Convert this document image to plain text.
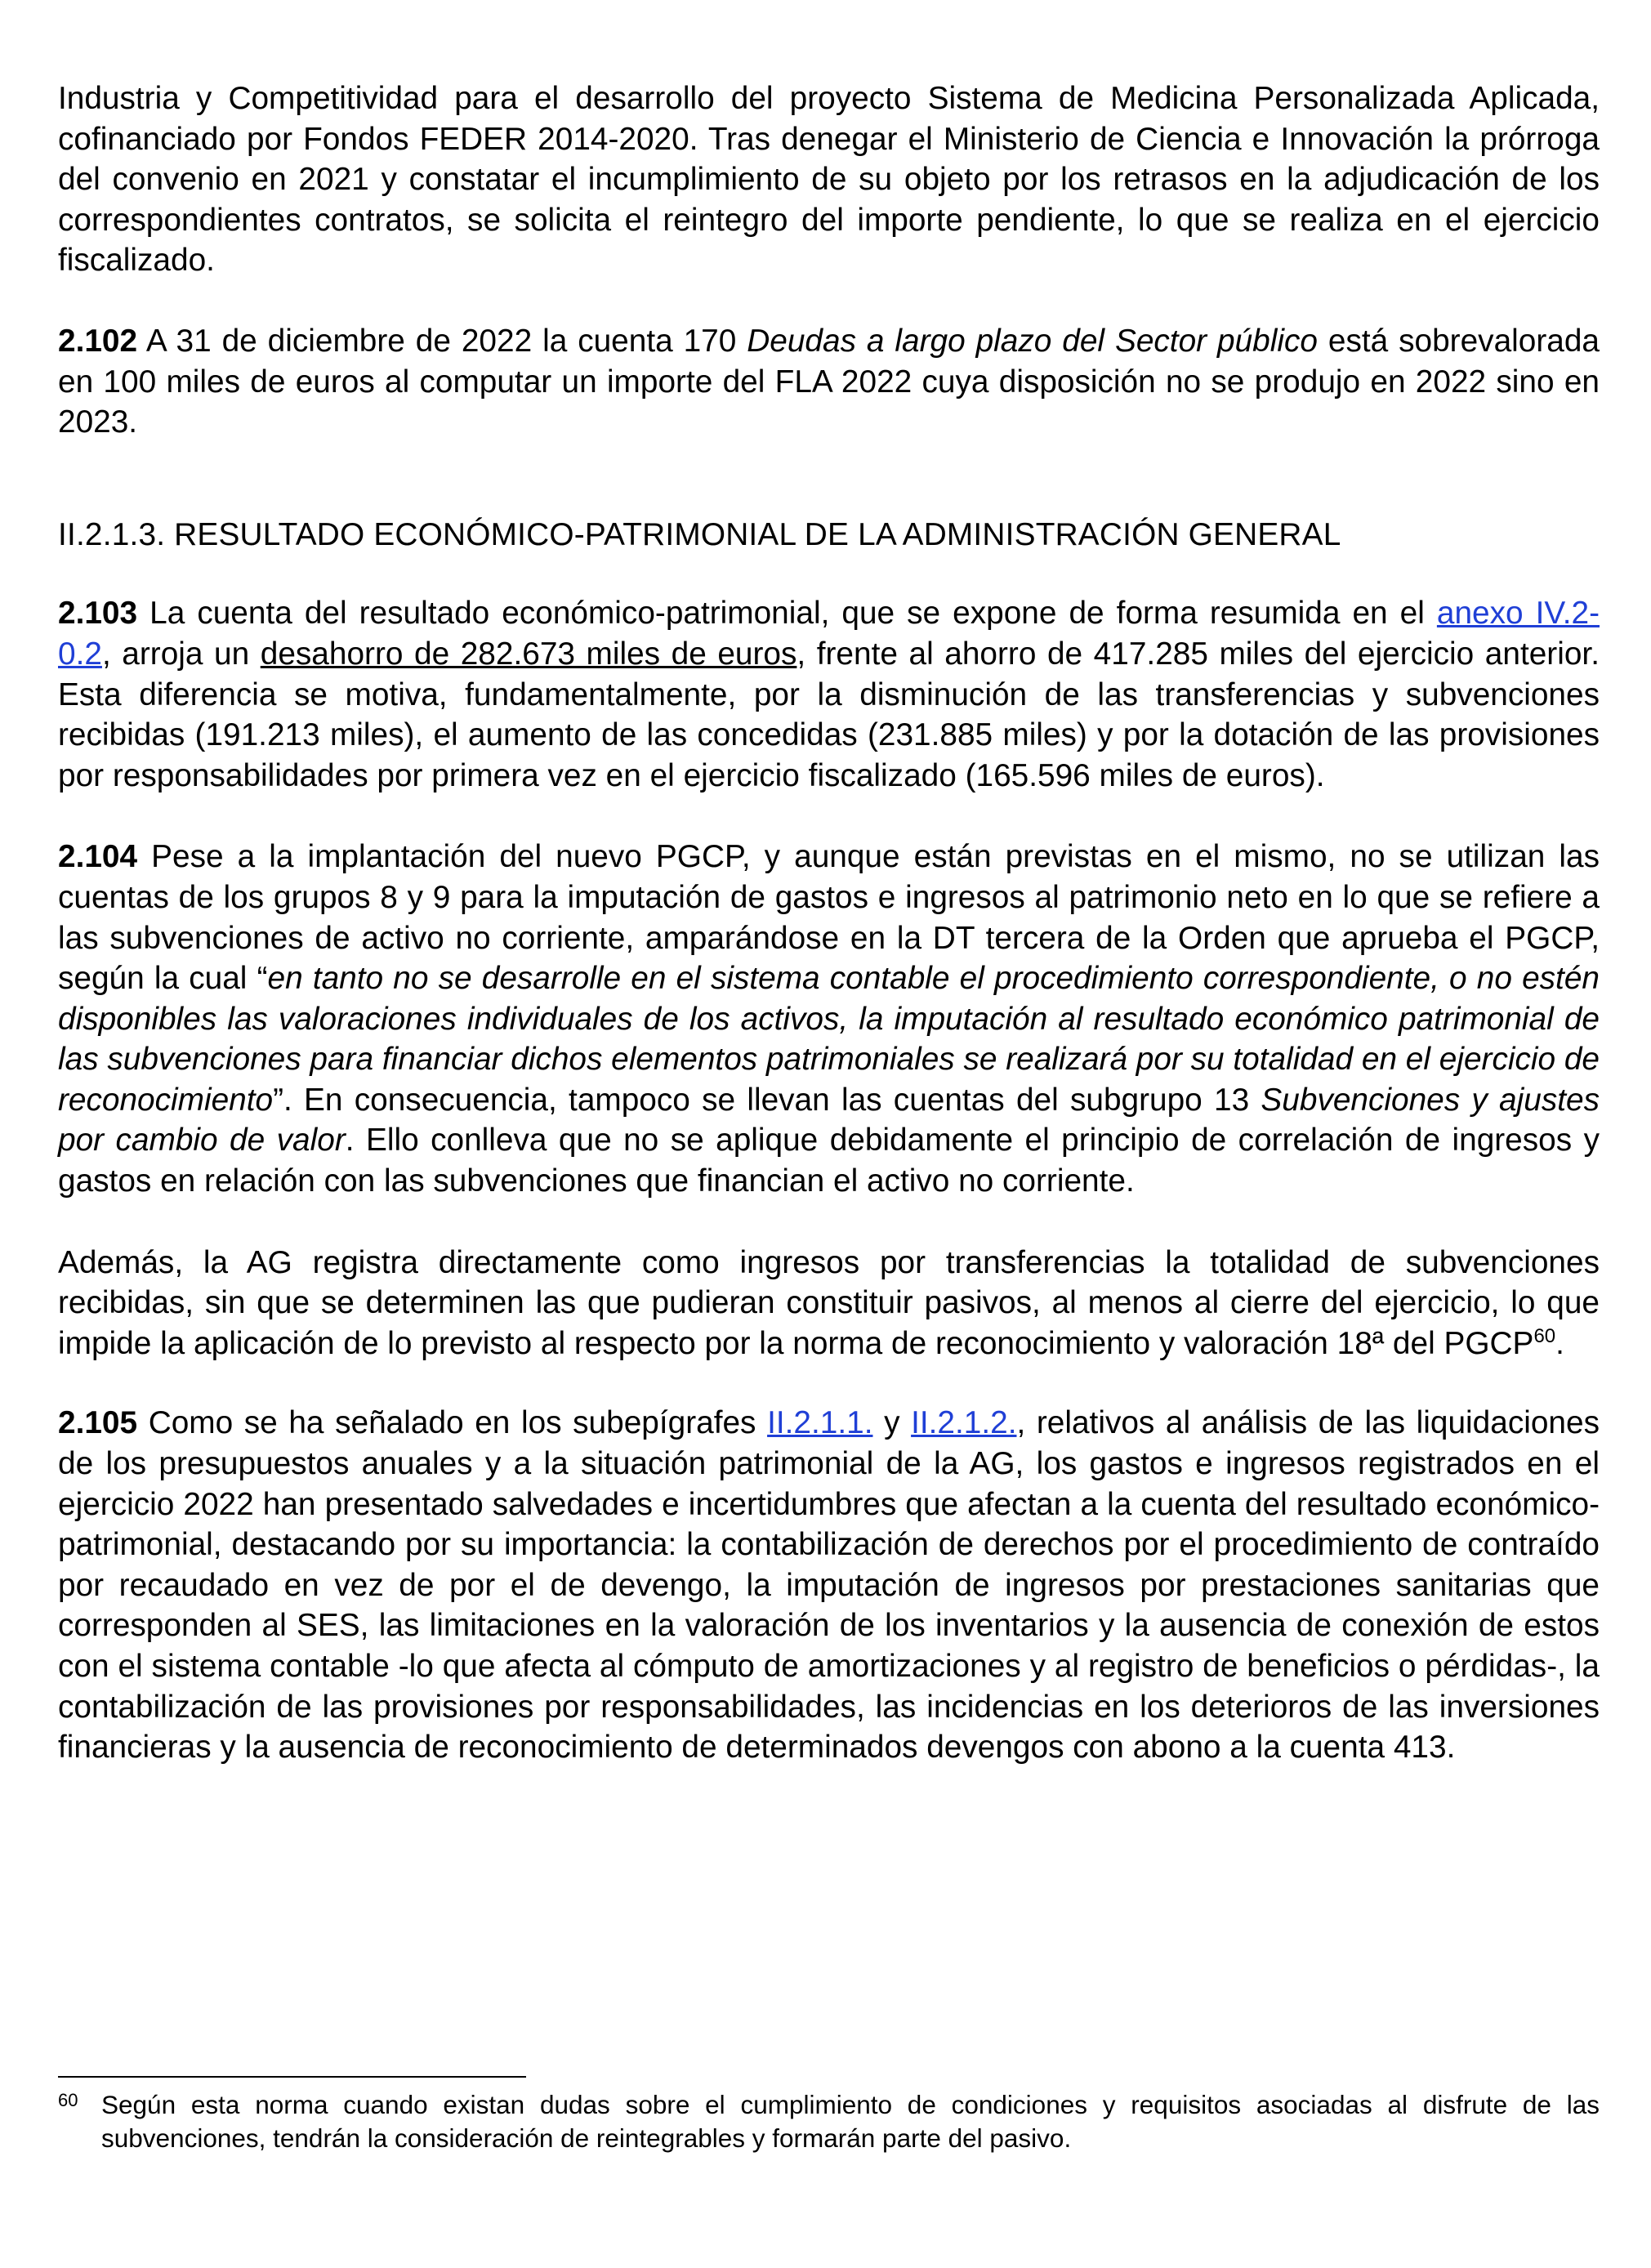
Industria y Competitividad para el desarrollo del proyecto Sistema de Medicina Personalizada Aplicada, cofinanciado por Fondos FEDER 2014-2020. Tras denegar el Ministerio de Ciencia e Innovación la prórroga del convenio en 2021 y constatar el incumplimiento de su objeto por los retrasos en la adjudicación de los correspondientes contratos, se solicita el reintegro del importe pendiente, lo que se realiza en el ejercicio fiscalizado.

2.102 A 31 de diciembre de 2022 la cuenta 170 Deudas a largo plazo del Sector público está sobrevalorada en 100 miles de euros al computar un importe del FLA 2022 cuya disposición no se produjo en 2022 sino en 2023.

II.2.1.3. RESULTADO ECONÓMICO-PATRIMONIAL DE LA ADMINISTRACIÓN GENERAL

2.103 La cuenta del resultado económico-patrimonial, que se expone de forma resumida en el anexo IV.2-0.2, arroja un desahorro de 282.673 miles de euros, frente al ahorro de 417.285 miles del ejercicio anterior. Esta diferencia se motiva, fundamentalmente, por la disminución de las transferencias y subvenciones recibidas (191.213 miles), el aumento de las concedidas (231.885 miles) y por la dotación de las provisiones por responsabilidades por primera vez en el ejercicio fiscalizado (165.596 miles de euros).

2.104 Pese a la implantación del nuevo PGCP, y aunque están previstas en el mismo, no se utilizan las cuentas de los grupos 8 y 9 para la imputación de gastos e ingresos al patrimonio neto en lo que se refiere a las subvenciones de activo no corriente, amparándose en la DT tercera de la Orden que aprueba el PGCP, según la cual “en tanto no se desarrolle en el sistema contable el procedimiento correspondiente, o no estén disponibles las valoraciones individuales de los activos, la imputación al resultado económico patrimonial de las subvenciones para financiar dichos elementos patrimoniales se realizará por su totalidad en el ejercicio de reconocimiento”. En consecuencia, tampoco se llevan las cuentas del subgrupo 13 Subvenciones y ajustes por cambio de valor. Ello conlleva que no se aplique debidamente el principio de correlación de ingresos y gastos en relación con las subvenciones que financian el activo no corriente.

Además, la AG registra directamente como ingresos por transferencias la totalidad de subvenciones recibidas, sin que se determinen las que pudieran constituir pasivos, al menos al cierre del ejercicio, lo que impide la aplicación de lo previsto al respecto por la norma de reconocimiento y valoración 18ª del PGCP$^{60}$.

2.105 Como se ha señalado en los subepígrafes II.2.1.1. y II.2.1.2., relativos al análisis de las liquidaciones de los presupuestos anuales y a la situación patrimonial de la AG, los gastos e ingresos registrados en el ejercicio 2022 han presentado salvedades e incertidumbres que afectan a la cuenta del resultado económico-patrimonial, destacando por su importancia: la contabilización de derechos por el procedimiento de contraído por recaudado en vez de por el de devengo, la imputación de ingresos por prestaciones sanitarias que corresponden al SES, las limitaciones en la valoración de los inventarios y la ausencia de conexión de estos con el sistema contable -lo que afecta al cómputo de amortizaciones y al registro de beneficios o pérdidas-, la contabilización de las provisiones por responsabilidades, las incidencias en los deterioros de las inversiones financieras y la ausencia de reconocimiento de determinados devengos con abono a la cuenta 413.

60 Según esta norma cuando existan dudas sobre el cumplimiento de condiciones y requisitos asociadas al disfrute de las subvenciones, tendrán la consideración de reintegrables y formarán parte del pasivo.
